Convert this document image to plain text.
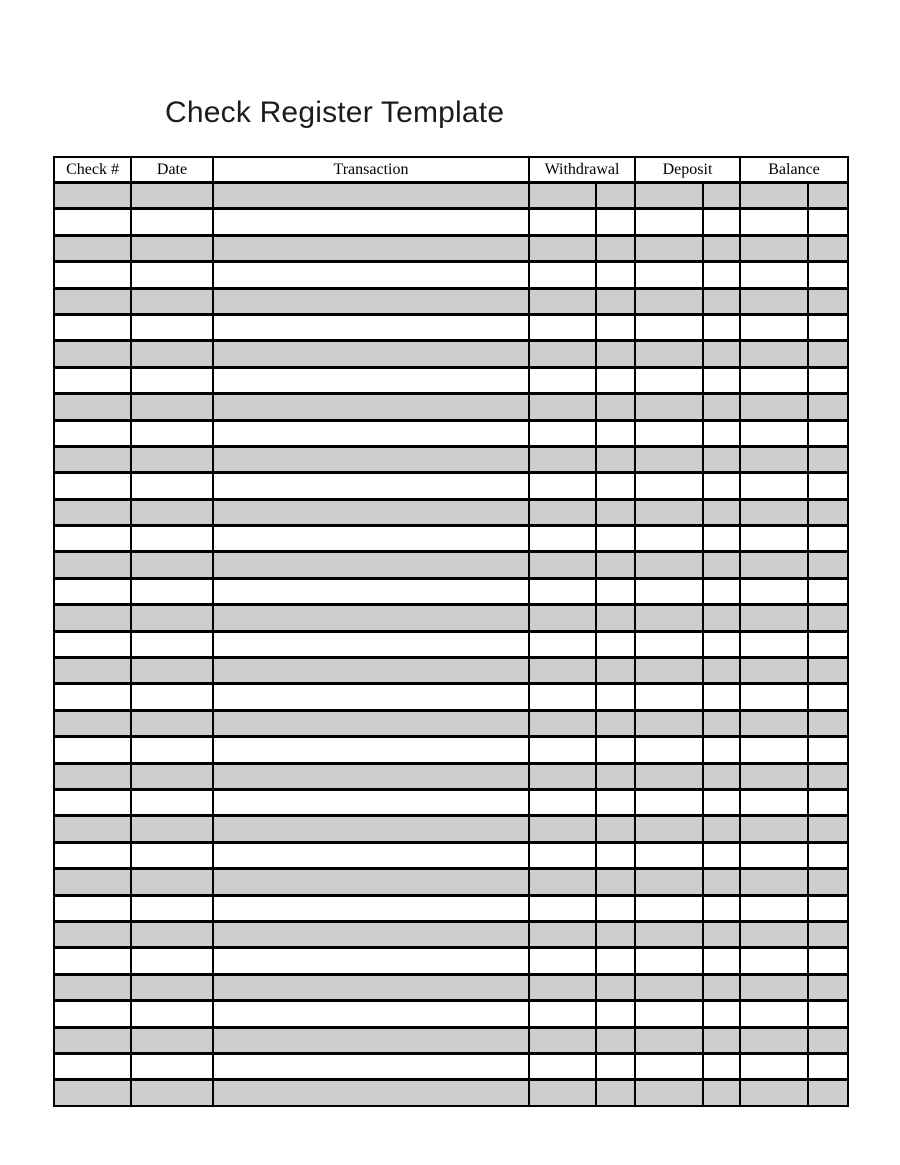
Check Register Template
Check #	Date	Transaction	Withdrawal		Deposit		Balance	
